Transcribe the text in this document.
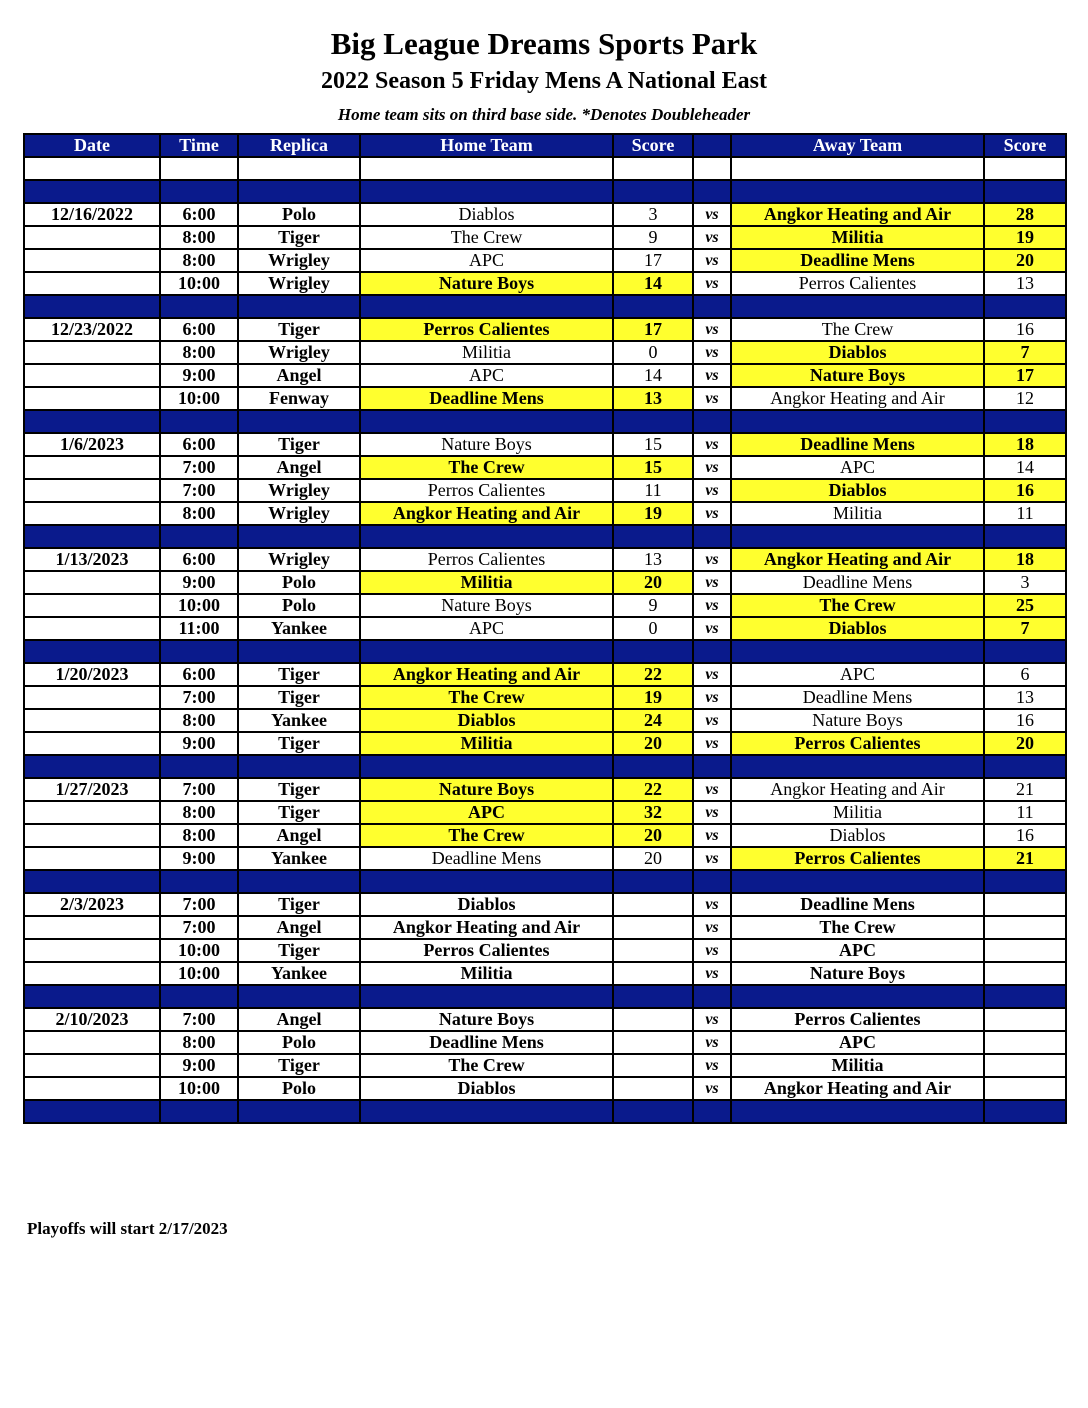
Big League Dreams Sports Park
2022 Season 5 Friday Mens A National East
Home team sits on third base side. *Denotes Doubleheader
Date	Time	Replica	Home Team	Score		Away Team	Score

12/16/2022	6:00	Polo	Diablos	3	vs	Angkor Heating and Air	28
	8:00	Tiger	The Crew	9	vs	Militia	19
	8:00	Wrigley	APC	17	vs	Deadline Mens	20
	10:00	Wrigley	Nature Boys	14	vs	Perros Calientes	13

12/23/2022	6:00	Tiger	Perros Calientes	17	vs	The Crew	16
	8:00	Wrigley	Militia	0	vs	Diablos	7
	9:00	Angel	APC	14	vs	Nature Boys	17
	10:00	Fenway	Deadline Mens	13	vs	Angkor Heating and Air	12

1/6/2023	6:00	Tiger	Nature Boys	15	vs	Deadline Mens	18
	7:00	Angel	The Crew	15	vs	APC	14
	7:00	Wrigley	Perros Calientes	11	vs	Diablos	16
	8:00	Wrigley	Angkor Heating and Air	19	vs	Militia	11

1/13/2023	6:00	Wrigley	Perros Calientes	13	vs	Angkor Heating and Air	18
	9:00	Polo	Militia	20	vs	Deadline Mens	3
	10:00	Polo	Nature Boys	9	vs	The Crew	25
	11:00	Yankee	APC	0	vs	Diablos	7

1/20/2023	6:00	Tiger	Angkor Heating and Air	22	vs	APC	6
	7:00	Tiger	The Crew	19	vs	Deadline Mens	13
	8:00	Yankee	Diablos	24	vs	Nature Boys	16
	9:00	Tiger	Militia	20	vs	Perros Calientes	20

1/27/2023	7:00	Tiger	Nature Boys	22	vs	Angkor Heating and Air	21
	8:00	Tiger	APC	32	vs	Militia	11
	8:00	Angel	The Crew	20	vs	Diablos	16
	9:00	Yankee	Deadline Mens	20	vs	Perros Calientes	21

2/3/2023	7:00	Tiger	Diablos		vs	Deadline Mens	
	7:00	Angel	Angkor Heating and Air		vs	The Crew	
	10:00	Tiger	Perros Calientes		vs	APC	
	10:00	Yankee	Militia		vs	Nature Boys	

2/10/2023	7:00	Angel	Nature Boys		vs	Perros Calientes	
	8:00	Polo	Deadline Mens		vs	APC	
	9:00	Tiger	The Crew		vs	Militia	
	10:00	Polo	Diablos		vs	Angkor Heating and Air	

Playoffs will start 2/17/2023
